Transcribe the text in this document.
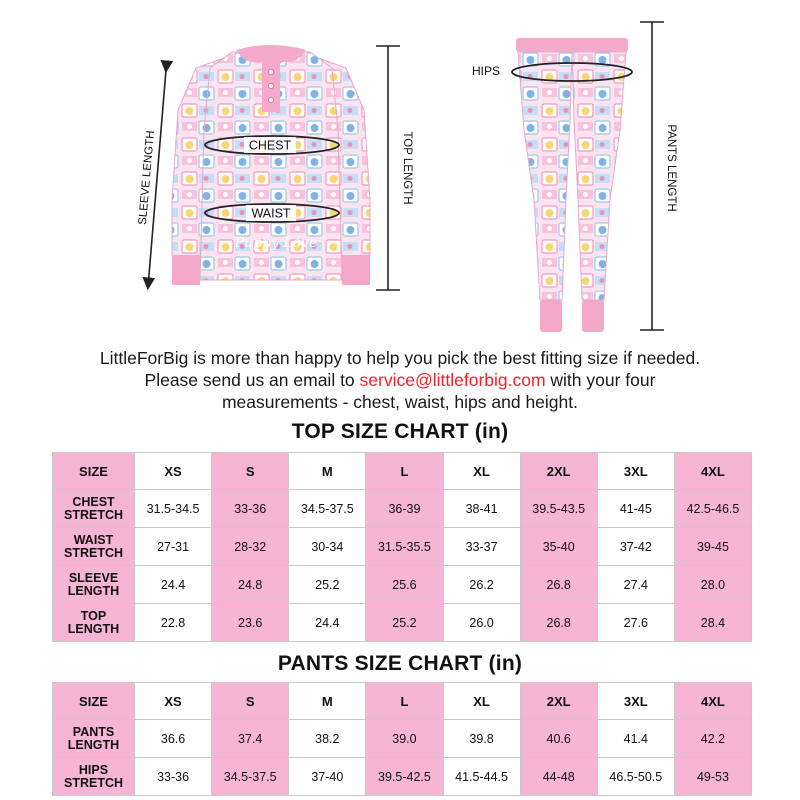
Puppy Love
SLEEVE LENGTH	CHEST
WAIST
TOP LENGTH
HIPS
PANTS LENGTH
LittleForBig is more than happy to help you pick the best fitting size if needed.
Please send us an email to service@littleforbig.com with your four
measurements - chest, waist, hips and height.
TOP SIZE CHART (in)
SIZE	XS	S	M	L	XL	2XL	3XL	4XL

CHEST
STRETCH	31.5-34.5	33-36	34.5-37.5	36-39	38-41	39.5-43.5	41-45	42.5-46.5

WAIST
STRETCH	27-31	28-32	30-34	31.5-35.5	33-37	35-40	37-42	39-45

SLEEVE
LENGTH	24.4	24.8	25.2	25.6	26.2	26.8	27.4	28.0

TOP
LENGTH	22.8	23.6	24.4	25.2	26.0	26.8	27.6	28.4
PANTS SIZE CHART (in)
SIZE	XS	S	M	L	XL	2XL	3XL	4XL

PANTS
LENGTH	36.6	37.4	38.2	39.0	39.8	40.6	41.4	42.2

HIPS
STRETCH	33-36	34.5-37.5	37-40	39.5-42.5	41.5-44.5	44-48	46.5-50.5	49-53
